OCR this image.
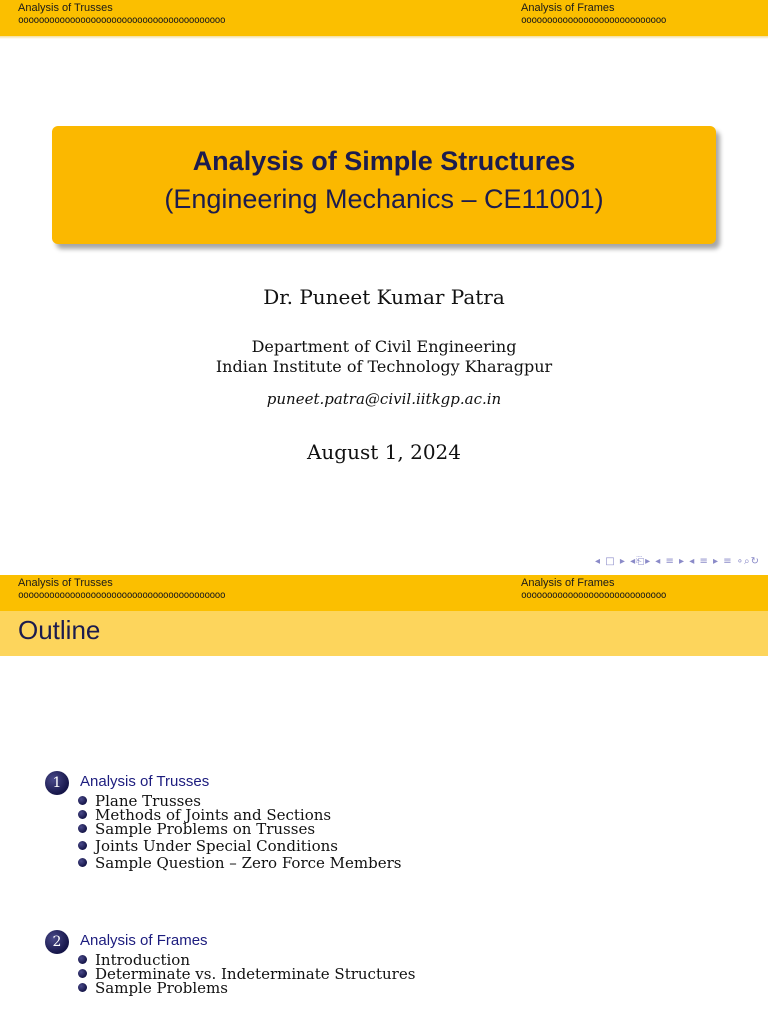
Analysis of Trusses
oooooooooooooooooooooooooooooooooooooooo
Analysis of Frames
oooooooooooooooooooooooooooo
Analysis of Simple Structures
(Engineering Mechanics – CE11001)
Dr. Puneet Kumar Patra
Department of Civil Engineering
Indian Institute of Technology Kharagpur
puneet.patra@civil.iitkgp.ac.in
August 1, 2024
◂ □ ▸ ◂⎗▸ ◂ ≡ ▸ ◂ ≡ ▸ ≡ ∘⌕↻
Analysis of Trusses
oooooooooooooooooooooooooooooooooooooooo
Analysis of Frames
oooooooooooooooooooooooooooo
Outline
1	Analysis of Trusses
Plane Trusses
Methods of Joints and Sections
Sample Problems on Trusses
Joints Under Special Conditions
Sample Question – Zero Force Members
2	Analysis of Frames
Introduction
Determinate vs. Indeterminate Structures
Sample Problems
